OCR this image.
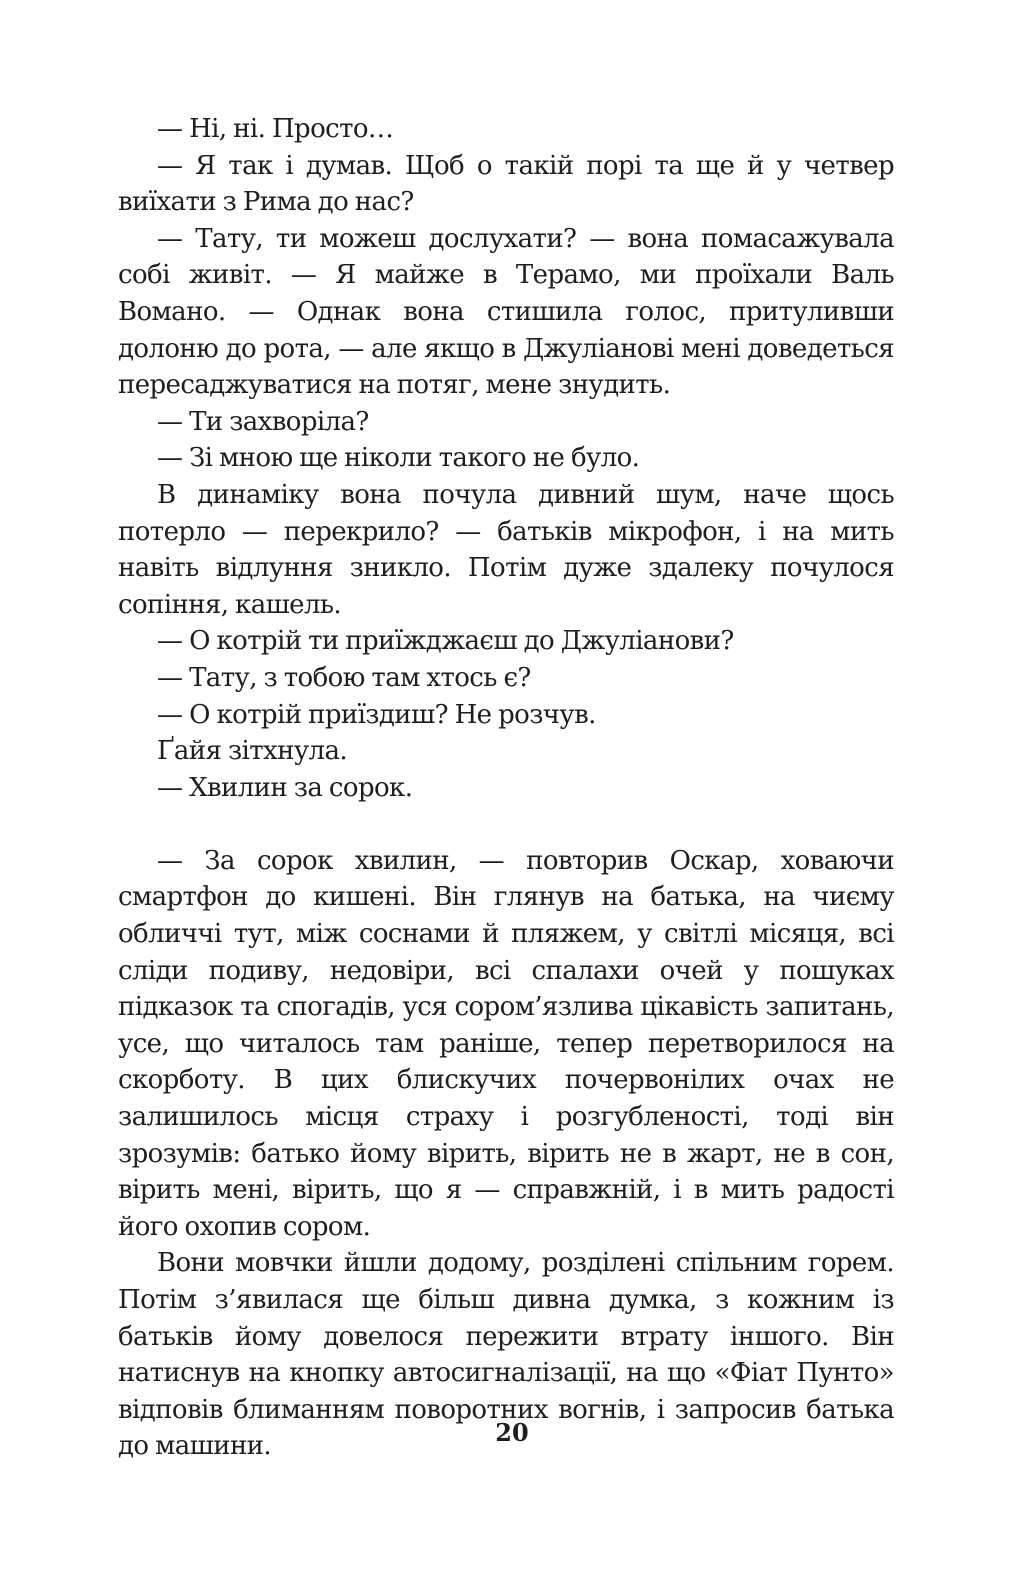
— Ні, ні. Просто…

— Я так і думав. Щоб о такій порі та ще й у четвер виїхати з Рима до нас?

— Тату, ти можеш дослухати? — вона помасажувала собі живіт. — Я майже в Терамо, ми проїхали Валь Вомано. — Однак вона стишила голос, притуливши долоню до рота, — але якщо в Джуліанові мені доведеться пересаджуватися на потяг, мене знудить.

— Ти захворіла?

— Зі мною ще ніколи такого не було.

В динаміку вона почула дивний шум, наче щось потерло — перекрило? — батьків мікрофон, і на мить навіть відлуння зникло. Потім дуже здалеку почулося сопіння, кашель.

— О котрій ти приїжджаєш до Джуліанови?

— Тату, з тобою там хтось є?

— О котрій приїздиш? Не розчув.

Ґайя зітхнула.

— Хвилин за сорок.

— За сорок хвилин, — повторив Оскар, ховаючи смартфон до кишені. Він глянув на батька, на чиєму обличчі тут, між соснами й пляжем, у світлі місяця, всі сліди подиву, недовіри, всі спалахи очей у пошуках підказок та спогадів, уся сором’язлива цікавість запитань, усе, що читалось там раніше, тепер перетворилося на скорботу. В цих блискучих почервонілих очах не залишилось місця страху і розгубленості, тоді він зрозумів: батько йому вірить, вірить не в жарт, не в сон, вірить мені, вірить, що я — справжній, і в мить радості його охопив сором.

Вони мовчки йшли додому, розділені спільним горем. Потім з’явилася ще більш дивна думка, з кожним із батьків йому довелося пережити втрату іншого. Він натиснув на кнопку автосигналізації, на що «Фіат Пунто» відповів блиманням поворотних вогнів, і запросив батька до машини.	20
